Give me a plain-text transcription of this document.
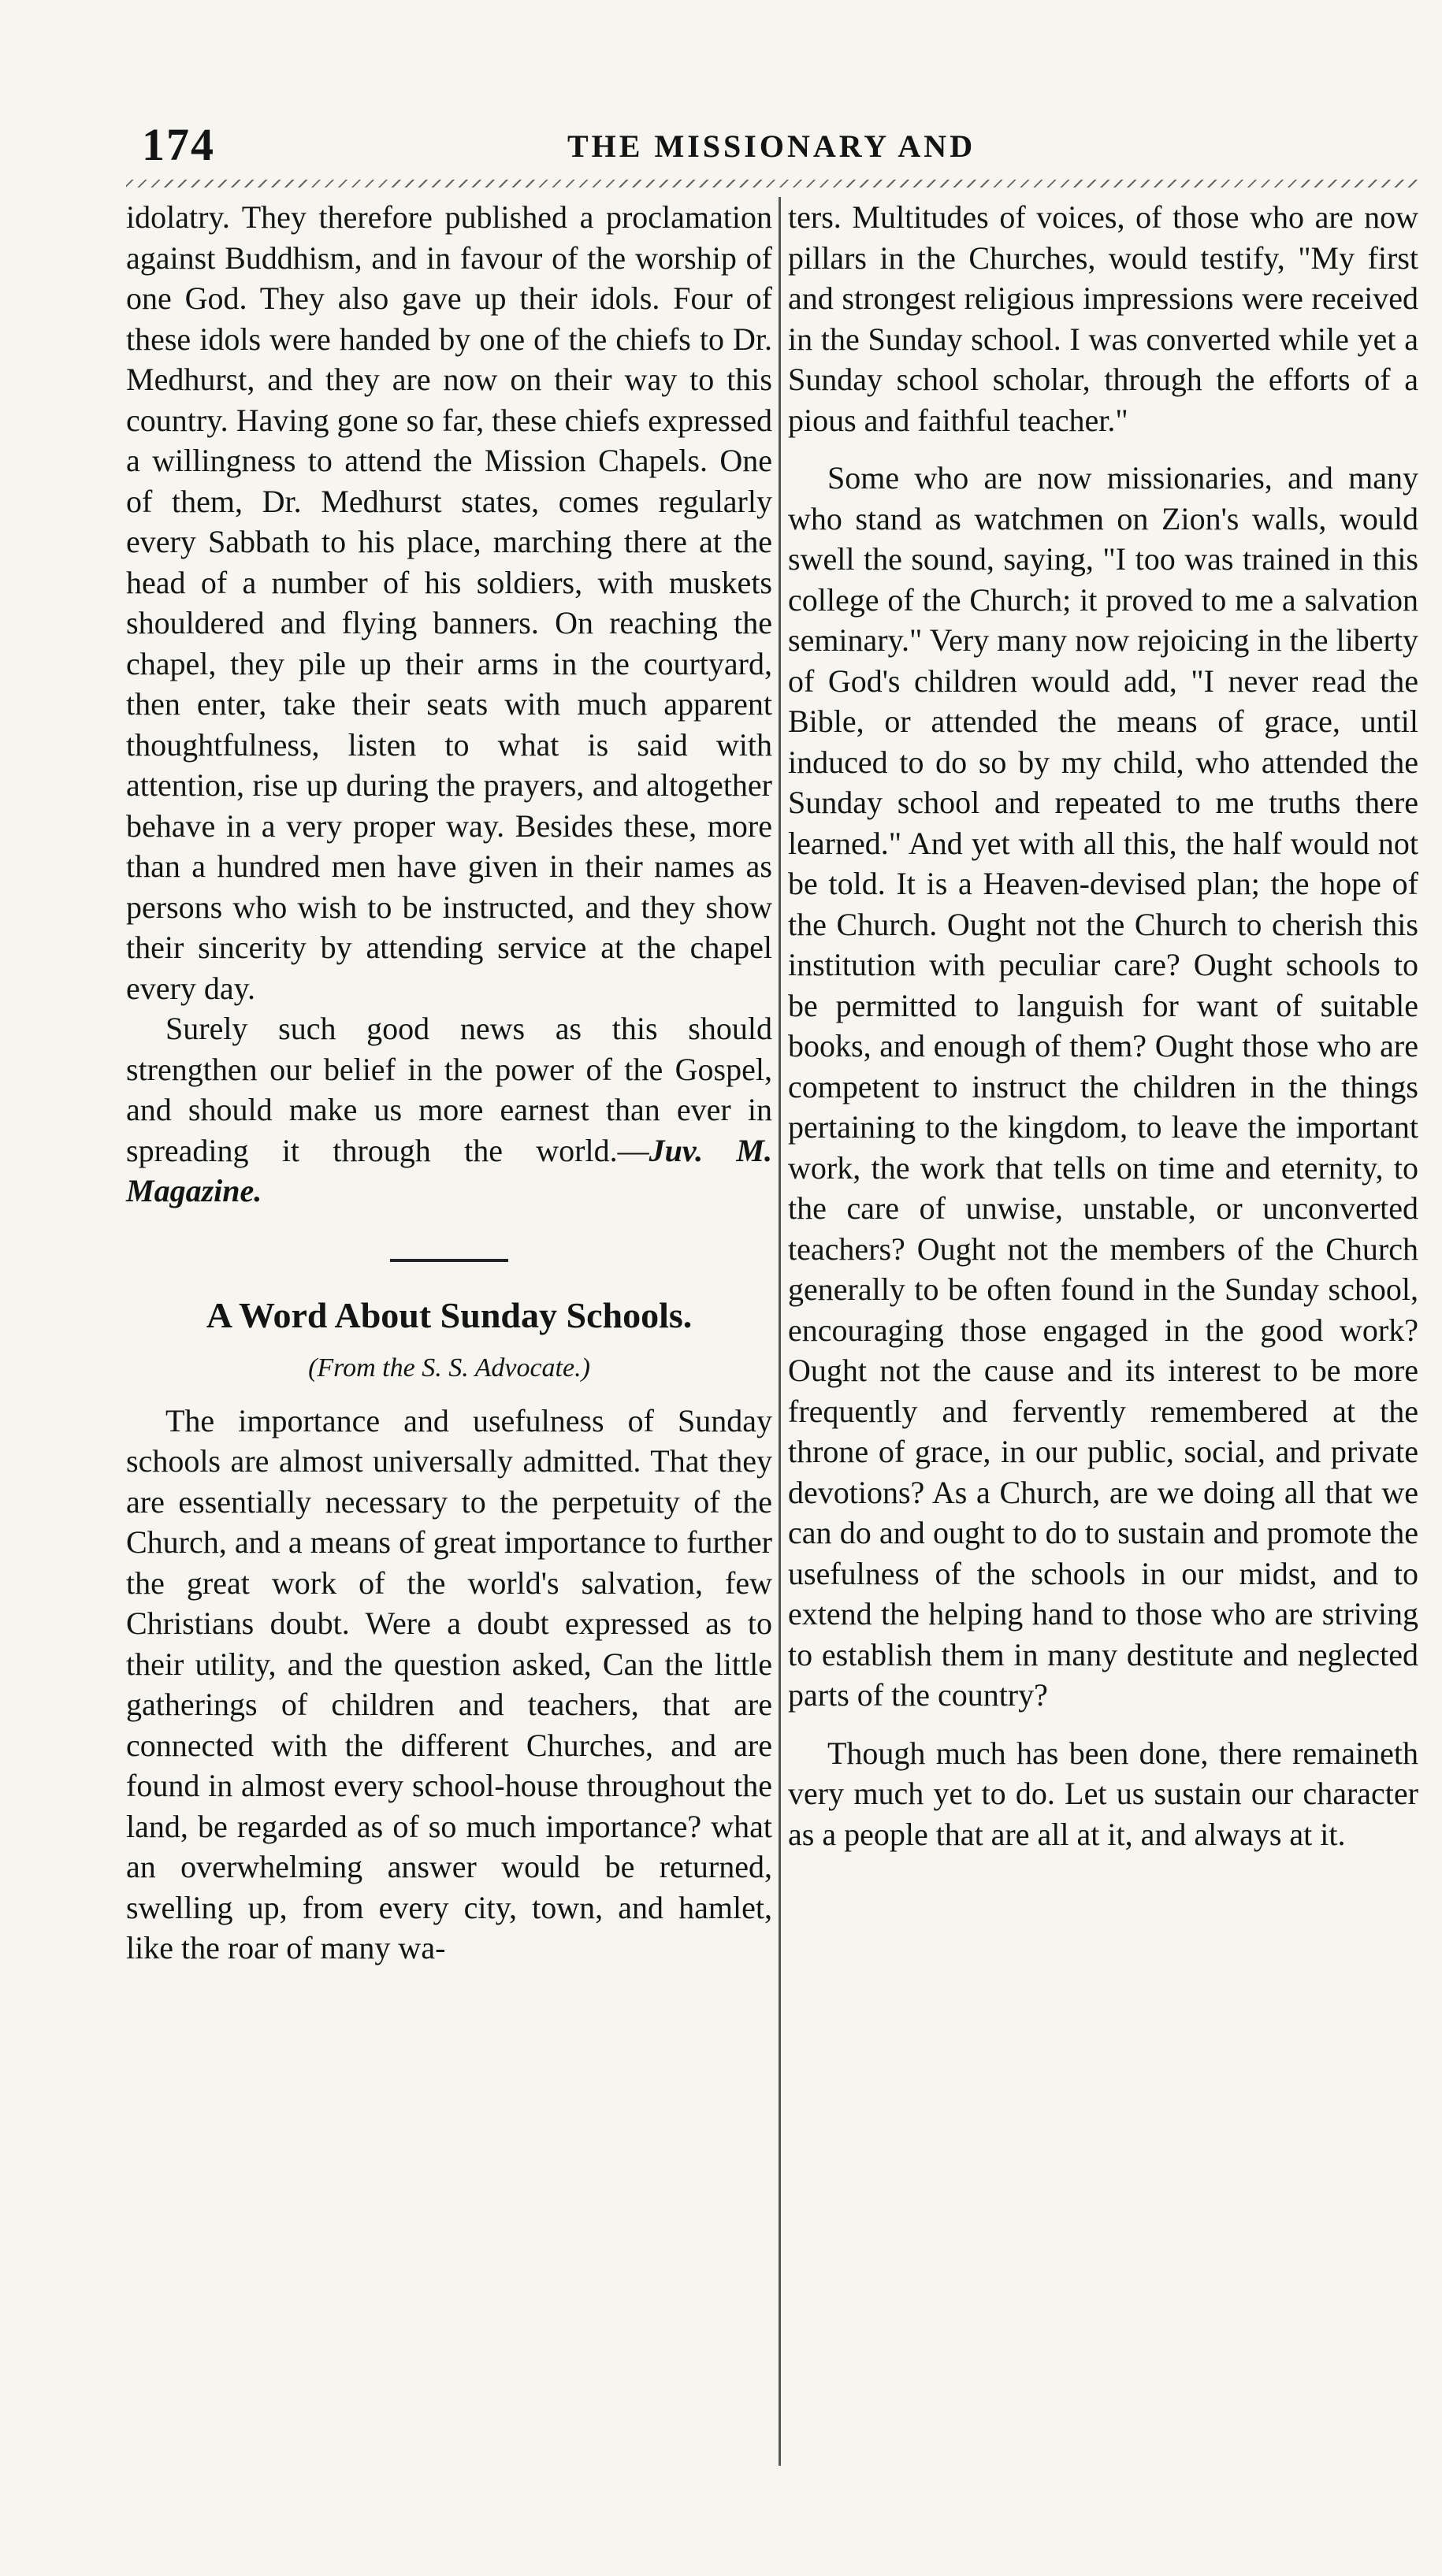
174	THE MISSIONARY AND

idolatry. They therefore published a proclamation against Buddhism, and in favour of the worship of one God. They also gave up their idols. Four of these idols were handed by one of the chiefs to Dr. Medhurst, and they are now on their way to this country. Having gone so far, these chiefs expressed a willingness to attend the Mission Chapels. One of them, Dr. Medhurst states, comes regularly every Sabbath to his place, marching there at the head of a number of his soldiers, with muskets shouldered and flying banners. On reaching the chapel, they pile up their arms in the courtyard, then enter, take their seats with much apparent thoughtfulness, listen to what is said with attention, rise up during the prayers, and altogether behave in a very proper way. Besides these, more than a hundred men have given in their names as persons who wish to be instructed, and they show their sincerity by attending service at the chapel every day.

Surely such good news as this should strengthen our belief in the power of the Gospel, and should make us more earnest than ever in spreading it through the world.—Juv. M. Magazine.

A Word About Sunday Schools.
(From the S. S. Advocate.)

The importance and usefulness of Sunday schools are almost universally admitted. That they are essentially necessary to the perpetuity of the Church, and a means of great importance to further the great work of the world's salvation, few Christians doubt. Were a doubt expressed as to their utility, and the question asked, Can the little gatherings of children and teachers, that are connected with the different Churches, and are found in almost every school-house throughout the land, be regarded as of so much importance? what an overwhelming answer would be returned, swelling up, from every city, town, and hamlet, like the roar of many wa-

ters. Multitudes of voices, of those who are now pillars in the Churches, would testify, "My first and strongest religious impressions were received in the Sunday school. I was converted while yet a Sunday school scholar, through the efforts of a pious and faithful teacher."

Some who are now missionaries, and many who stand as watchmen on Zion's walls, would swell the sound, saying, "I too was trained in this college of the Church; it proved to me a salvation seminary." Very many now rejoicing in the liberty of God's children would add, "I never read the Bible, or attended the means of grace, until induced to do so by my child, who attended the Sunday school and repeated to me truths there learned." And yet with all this, the half would not be told. It is a Heaven-devised plan; the hope of the Church. Ought not the Church to cherish this institution with peculiar care? Ought schools to be permitted to languish for want of suitable books, and enough of them? Ought those who are competent to instruct the children in the things pertaining to the kingdom, to leave the important work, the work that tells on time and eternity, to the care of unwise, unstable, or unconverted teachers? Ought not the members of the Church generally to be often found in the Sunday school, encouraging those engaged in the good work? Ought not the cause and its interest to be more frequently and fervently remembered at the throne of grace, in our public, social, and private devotions? As a Church, are we doing all that we can do and ought to do to sustain and promote the usefulness of the schools in our midst, and to extend the helping hand to those who are striving to establish them in many destitute and neglected parts of the country?

Though much has been done, there remaineth very much yet to do. Let us sustain our character as a people that are all at it, and always at it.
